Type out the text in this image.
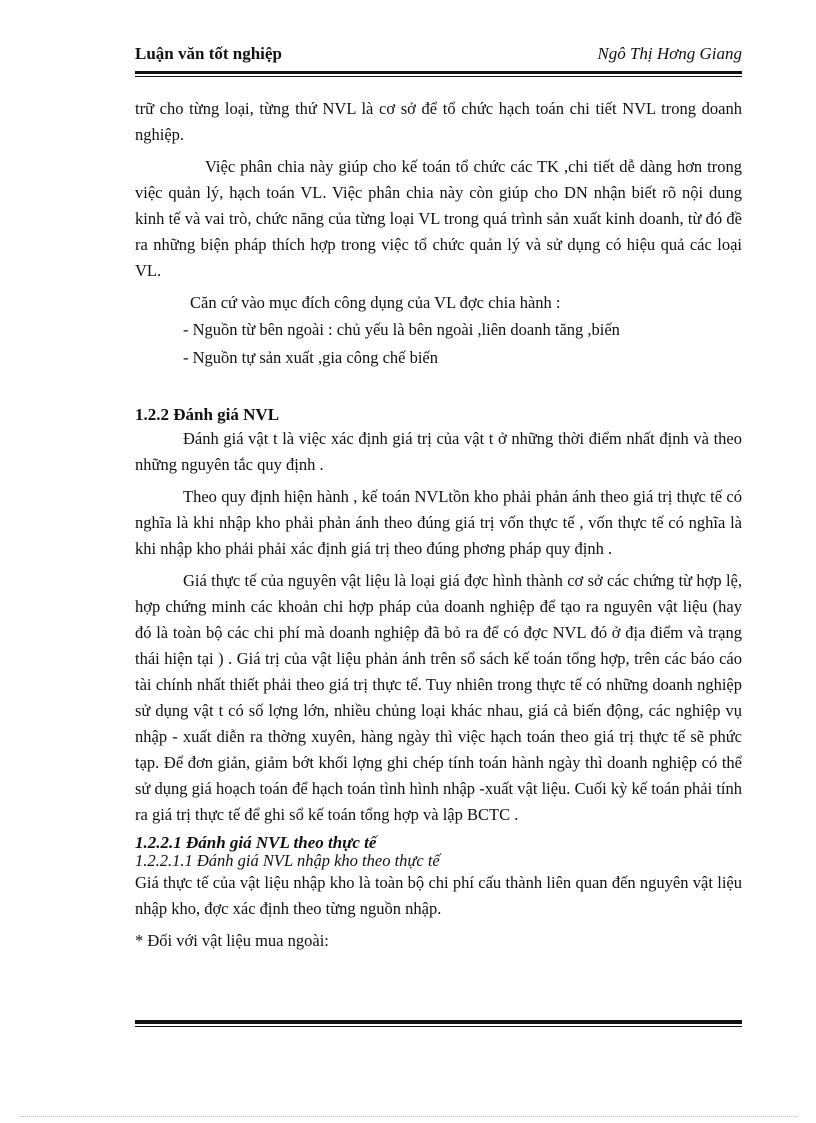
Luận văn tốt nghiệp	Ngô Thị Hơng Giang

trữ cho từng loại, từng thứ NVL là cơ sở để tổ chức hạch toán chi tiết NVL trong doanh nghiệp.

Việc phân chia này giúp cho kế toán tổ chức các TK ,chi tiết dễ dàng hơn trong việc quản lý, hạch toán VL. Việc phân chia này còn giúp cho DN nhận biết rõ nội dung kinh tế và vai trò, chức năng của từng loại VL trong quá trình sản xuất kinh doanh, từ đó đề ra những biện pháp thích hợp trong việc tổ chức quản lý và sử dụng có hiệu quả các loại VL.

Căn cứ vào mục đích công dụng của VL đợc chia hành :

- Nguồn từ bên ngoài : chủ yếu là bên ngoài ,liên doanh tăng ,biến

- Nguồn tự sản xuất ,gia công chế biến

1.2.2 Đánh giá NVL

Đánh giá vật t là việc xác định giá trị của vật t ở những thời điểm nhất định và theo những nguyên tắc quy định .

Theo quy định hiện hành , kế toán NVLtồn kho phải phản ánh theo giá trị thực tế có nghĩa là khi nhập kho phải phản ánh theo đúng giá trị vốn thực tế , vốn thực tế có nghĩa là khi nhập kho phải phải xác định giá trị theo đúng phơng pháp quy định .

Giá thực tế của nguyên vật liệu là loại giá đợc hình thành cơ sở các chứng từ hợp lệ, hợp chứng minh các khoản chi hợp pháp của doanh nghiệp để tạo ra nguyên vật liệu (hay đó là toàn bộ các chi phí mà doanh nghiệp đã bỏ ra để có đợc NVL đó ở địa điểm và trạng thái hiện tại ) . Giá trị của vật liệu phản ánh trên sổ sách kế toán tổng hợp, trên các báo cáo tài chính nhất thiết phải theo giá trị thực tế. Tuy nhiên trong thực tế có những doanh nghiệp sử dụng vật t có số lợng lớn, nhiều chủng loại khác nhau, giá cả biến động, các nghiệp vụ nhập - xuất diễn ra thờng xuyên, hàng ngày thì việc hạch toán theo giá trị thực tế sẽ phức tạp. Để đơn giản, giảm bớt khối lợng ghi chép tính toán hành ngày thì doanh nghiệp có thể sử dụng giá hoạch toán để hạch toán tình hình nhập -xuất vật liệu. Cuối kỳ kế toán phải tính ra giá trị thực tế để ghi sổ kế toán tổng hợp và lập BCTC .

1.2.2.1 Đánh giá NVL theo thực tế

1.2.2.1.1 Đánh giá NVL nhập kho theo thực tế

Giá thực tế của vật liệu nhập kho là toàn bộ chi phí cấu thành liên quan đến nguyên vật liệu nhập kho, đợc xác định theo từng nguồn nhập.

* Đối với vật liệu mua ngoài:
